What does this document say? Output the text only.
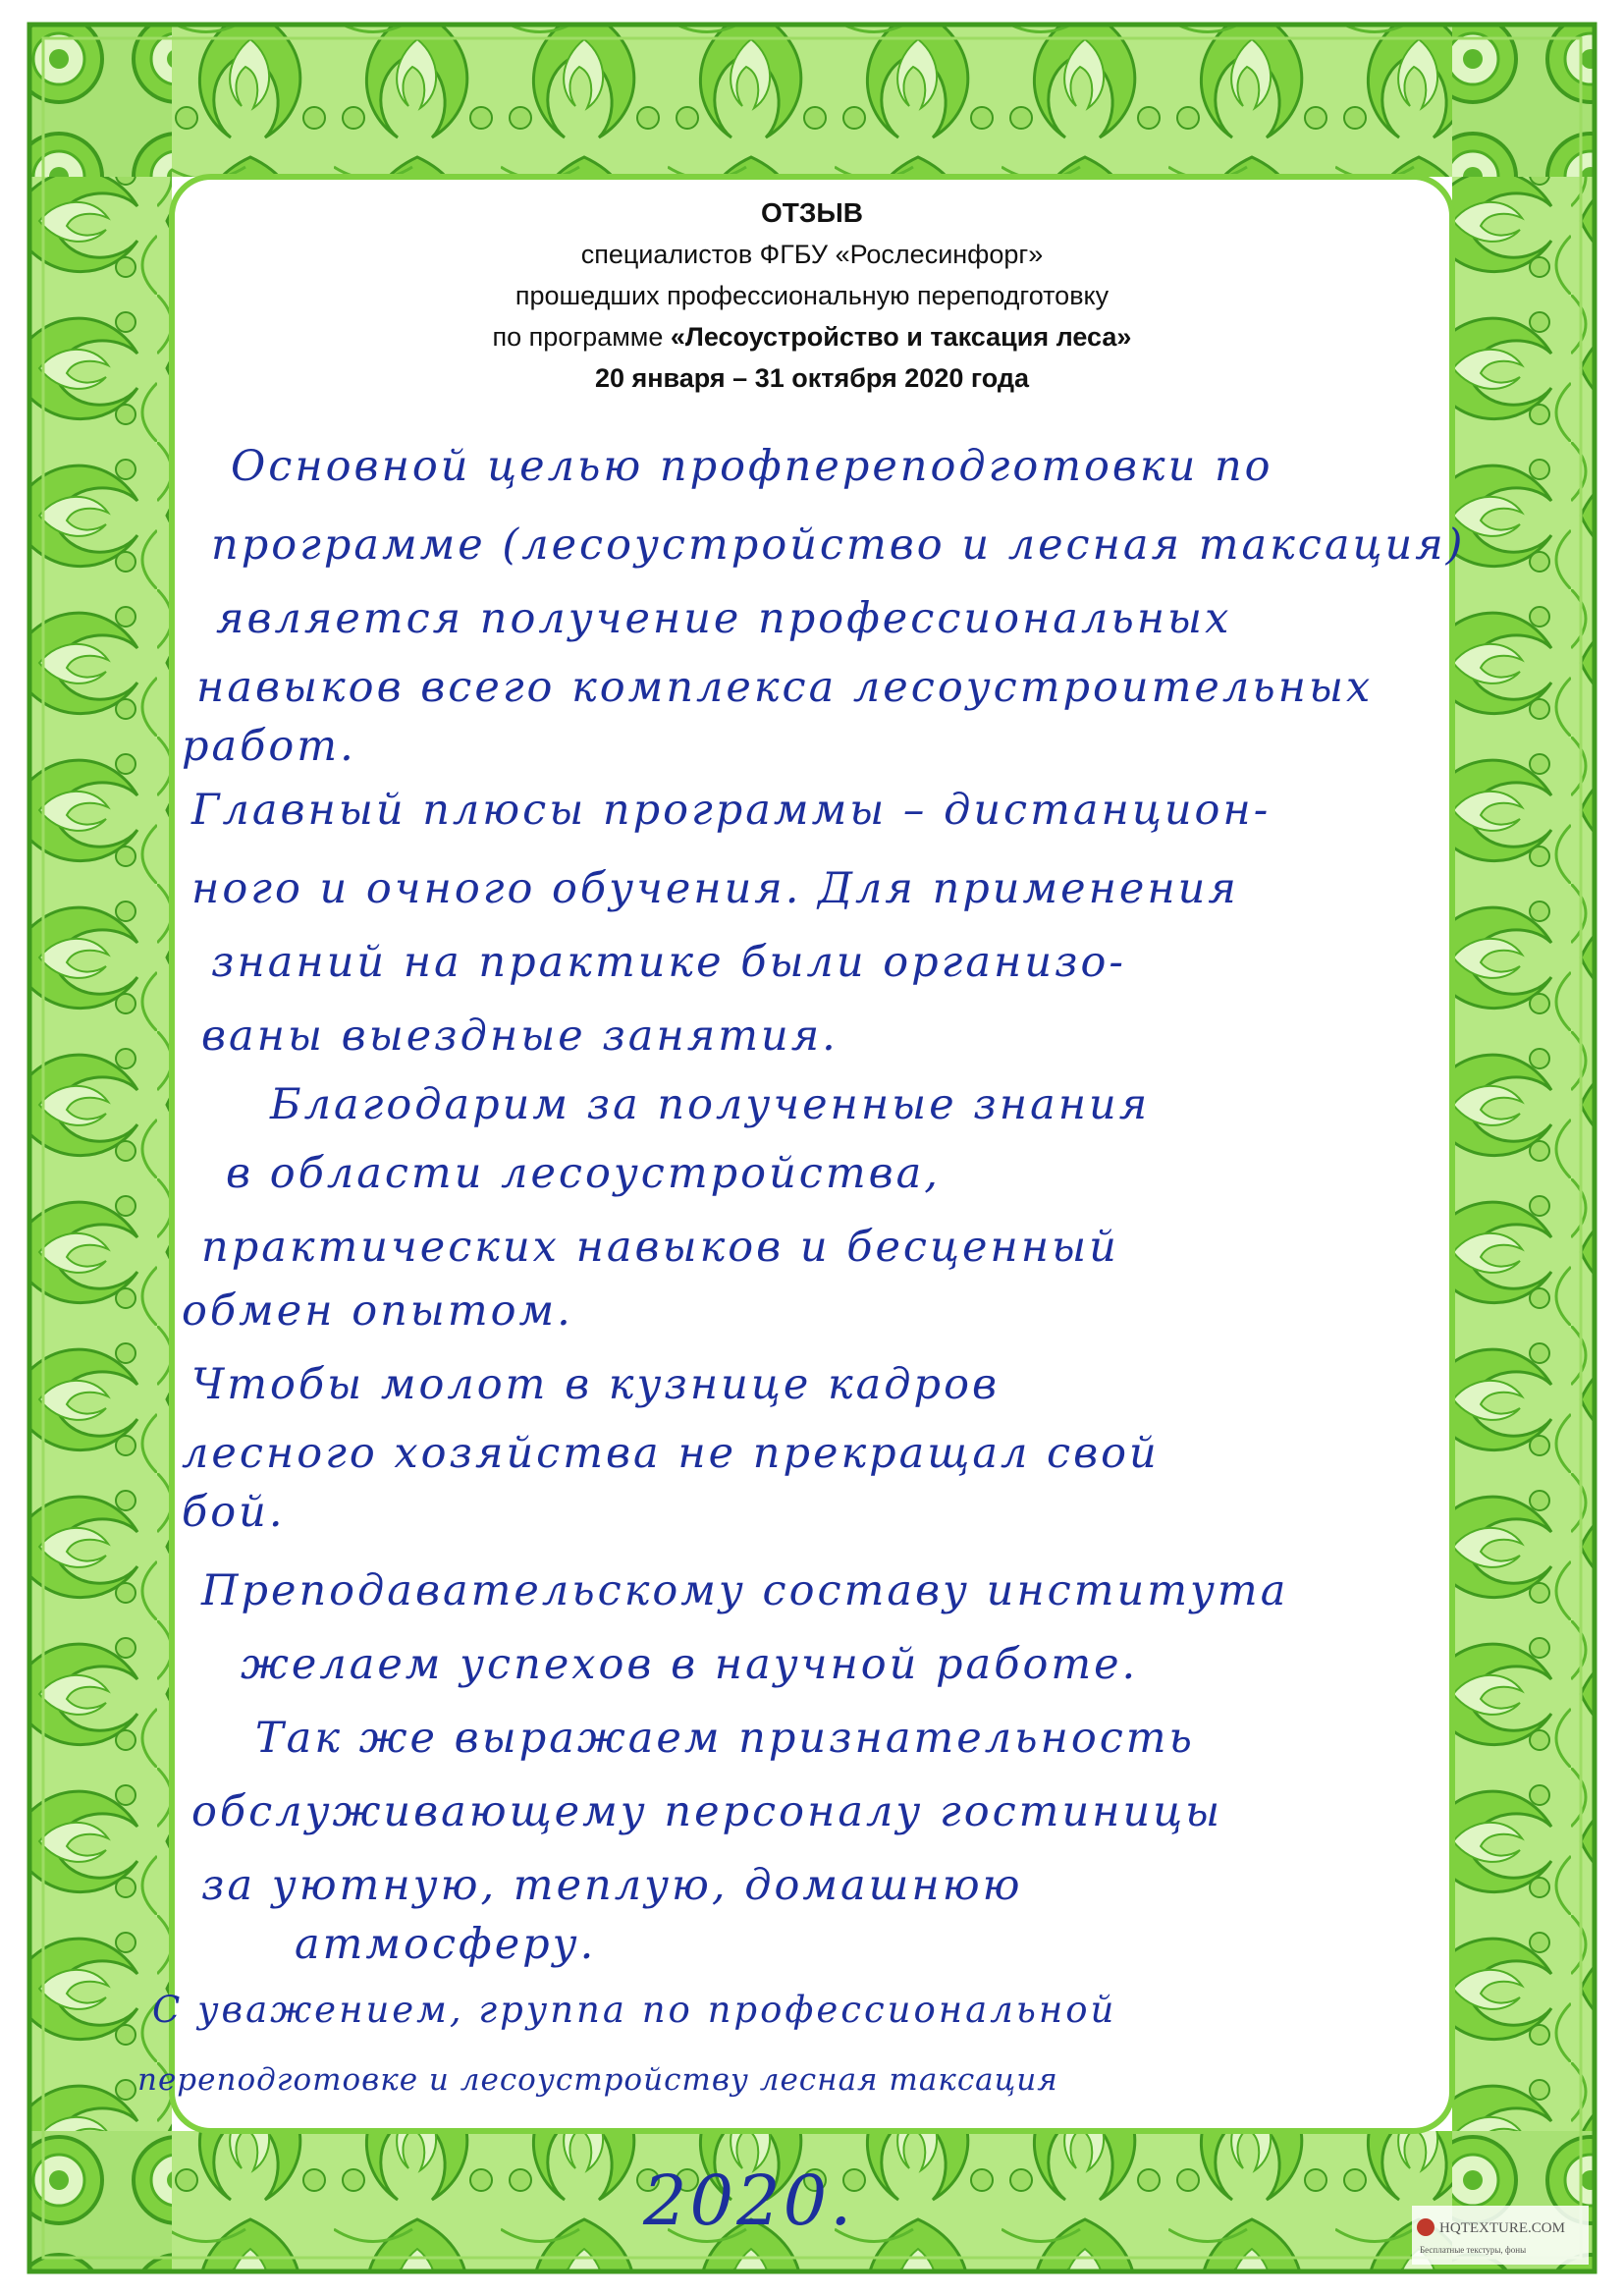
ОТЗЫВ
специалистов ФГБУ «Рослесинфорг»
прошедших профессиональную переподготовку
по программе «Лесоустройство и таксация леса»
20 января – 31 октября 2020 года
Основной целью профпереподготовки по
программе (лесоустройство и лесная таксация)
является получение профессиональных
навыков всего комплекса лесоустроительных
работ.
Главный плюсы программы – дистанцион-
ного и очного обучения. Для применения
знаний на практике были организо-
ваны выездные занятия.
Благодарим за полученные знания
в области лесоустройства,
практических навыков и бесценный
обмен опытом.
Чтобы молот в кузнице кадров
лесного хозяйства не прекращал свой
бой.
Преподавательскому составу института
желаем успехов в научной работе.
Так же выражаем признательность
обслуживающему персоналу гостиницы
за уютную, теплую, домашнюю
атмосферу.
С уважением, группа по профессиональной
переподготовке и лесоустройству лесная таксация
2020.	HQTEXTURE.COM
Бесплатные текстуры, фоны
